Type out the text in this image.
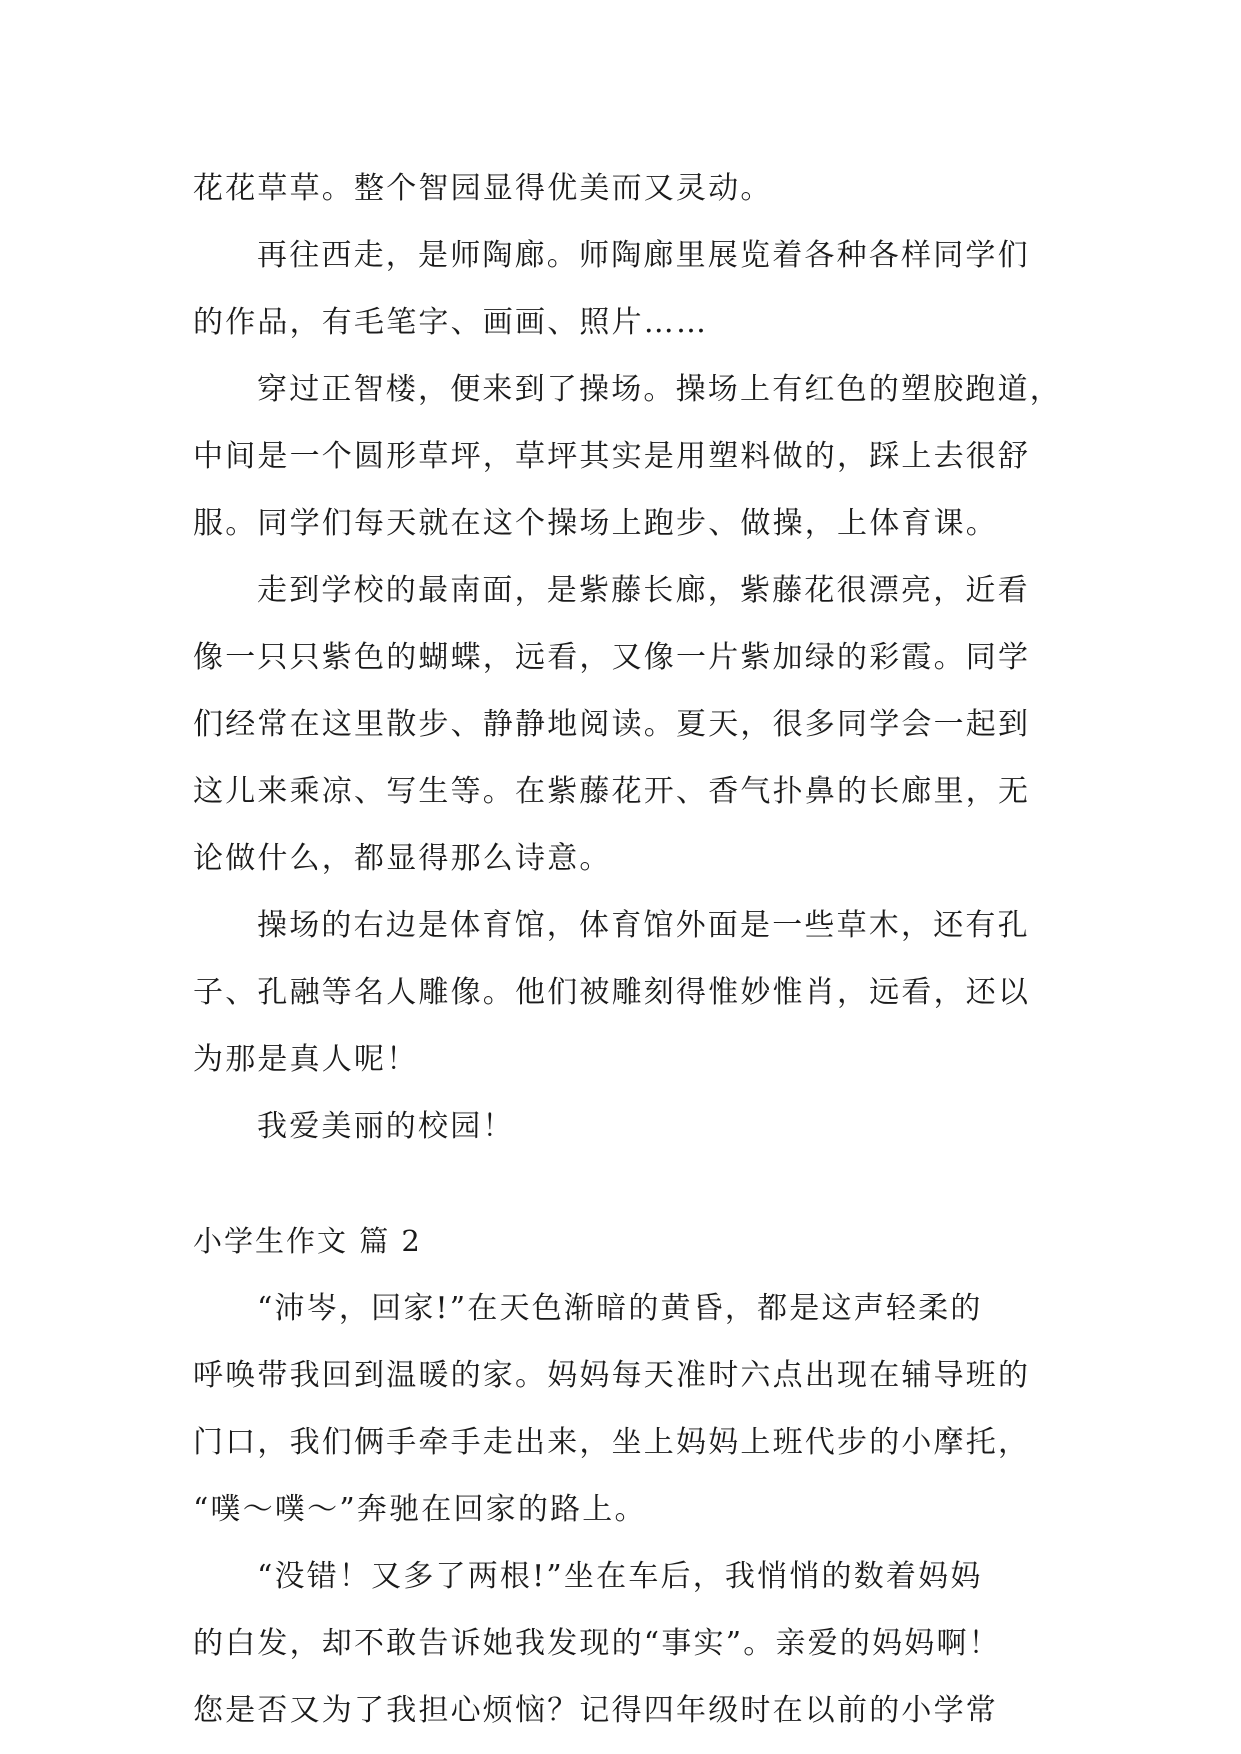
花花草草。整个智园显得优美而又灵动。
再往西走，是师陶廊。师陶廊里展览着各种各样同学们
的作品，有毛笔字、画画、照片……
穿过正智楼，便来到了操场。操场上有红色的塑胶跑道，
中间是一个圆形草坪，草坪其实是用塑料做的，踩上去很舒
服。同学们每天就在这个操场上跑步、做操，上体育课。
走到学校的最南面，是紫藤长廊，紫藤花很漂亮，近看
像一只只紫色的蝴蝶，远看，又像一片紫加绿的彩霞。同学
们经常在这里散步、静静地阅读。夏天，很多同学会一起到
这儿来乘凉、写生等。在紫藤花开、香气扑鼻的长廊里，无
论做什么，都显得那么诗意。
操场的右边是体育馆，体育馆外面是一些草木，还有孔
子、孔融等名人雕像。他们被雕刻得惟妙惟肖，远看，还以
为那是真人呢！
我爱美丽的校园！
小学生作文 篇 2
“沛岑，回家!”在天色渐暗的黄昏，都是这声轻柔的
呼唤带我回到温暖的家。妈妈每天准时六点出现在辅导班的
门口，我们俩手牵手走出来，坐上妈妈上班代步的小摩托，
“噗～噗～”奔驰在回家的路上。
“没错！又多了两根!”坐在车后，我悄悄的数着妈妈
的白发，却不敢告诉她我发现的“事实”。亲爱的妈妈啊！
您是否又为了我担心烦恼？记得四年级时在以前的小学常
